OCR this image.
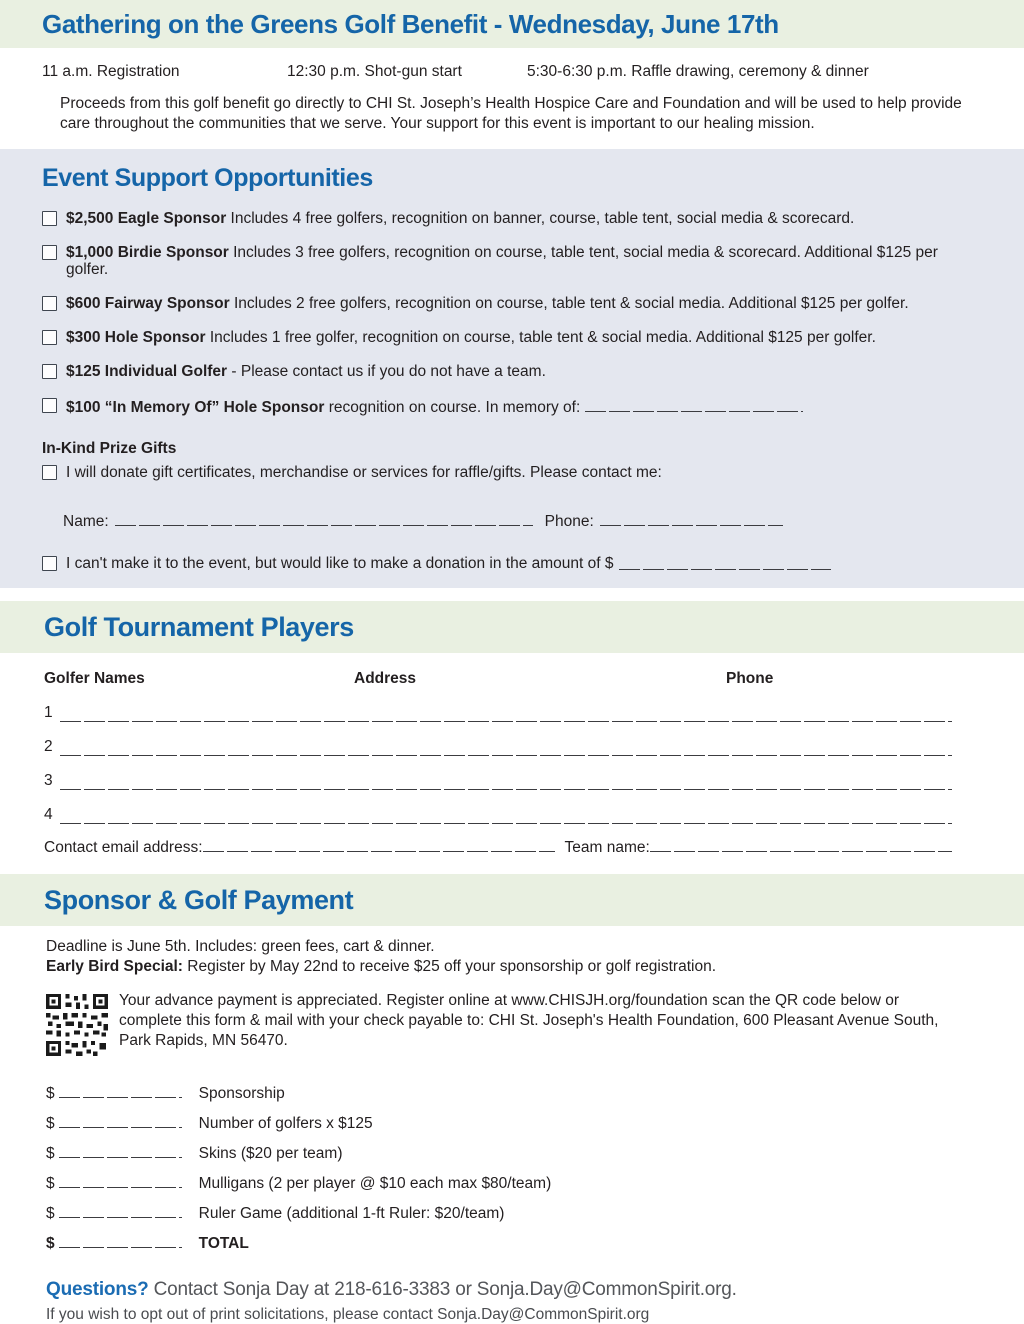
Gathering on the Greens Golf Benefit - Wednesday, June 17th
11 a.m. Registration	12:30 p.m. Shot-gun start	5:30-6:30 p.m. Raffle drawing, ceremony & dinner

Proceeds from this golf benefit go directly to CHI St. Joseph’s Health Hospice Care and Foundation and will be used to help provide care throughout the communities that we serve. Your support for this event is important to our healing mission.

Event Support Opportunities
$2,500 Eagle Sponsor Includes 4 free golfers, recognition on banner, course, table tent, social media & scorecard.
$1,000 Birdie Sponsor Includes 3 free golfers, recognition on course, table tent, social media & scorecard. Additional $125 per golfer.
$600 Fairway Sponsor Includes 2 free golfers, recognition on course, table tent & social media. Additional $125 per golfer.
$300 Hole Sponsor Includes 1 free golfer, recognition on course, table tent & social media. Additional $125 per golfer.
$125 Individual Golfer - Please contact us if you do not have a team.
$100 “In Memory Of” Hole Sponsor recognition on course. In memory of:
In-Kind Prize Gifts
I will donate gift certificates, merchandise or services for raffle/gifts. Please contact me:
Name:	Phone:
I can't make it to the event, but would like to make a donation in the amount of $
Golf Tournament Players
Golfer Names	Address	Phone
1
2
3
4
Contact email address:	Team name:
Sponsor & Golf Payment
Deadline is June 5th. Includes: green fees, cart & dinner.
Early Bird Special: Register by May 22nd to receive $25 off your sponsorship or golf registration.

Your advance payment is appreciated. Register online at www.CHISJH.org/foundation scan the QR code below or complete this form & mail with your check payable to: CHI St. Joseph's Health Foundation, 600 Pleasant Avenue South, Park Rapids, MN 56470.

$	Sponsorship
$	Number of golfers x $125
$	Skins ($20 per team)
$	Mulligans (2 per player @ $10 each max $80/team)
$	Ruler Game (additional 1-ft Ruler: $20/team)
$	TOTAL
Questions? Contact Sonja Day at 218-616-3383 or Sonja.Day@CommonSpirit.org.
If you wish to opt out of print solicitations, please contact Sonja.Day@CommonSpirit.org
